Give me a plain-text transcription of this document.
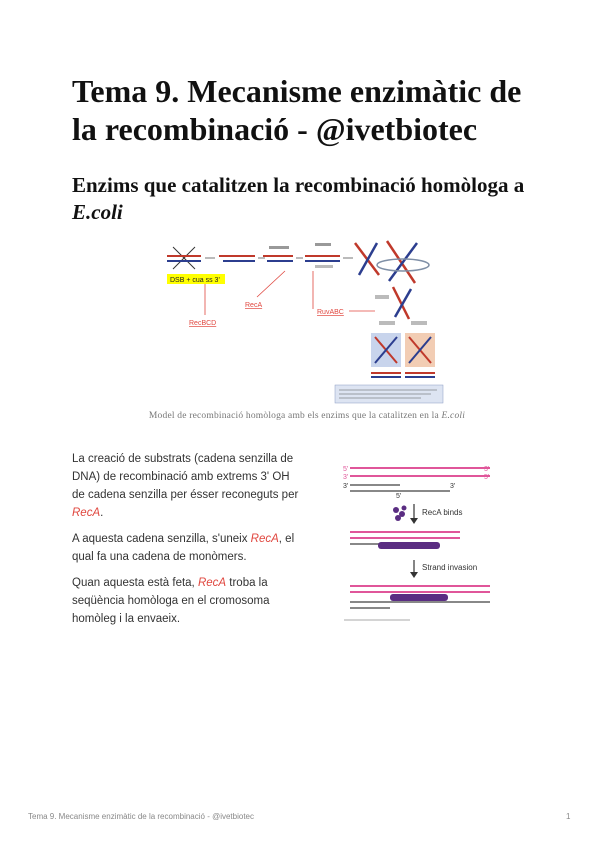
Tema 9. Mecanisme enzimàtic de la recombinació - @ivetbiotec
Enzims que catalitzen la recombinació homòloga a E.coli
DSB + cua ss 3'
RecBCD
RecA
RuvABC
Model de recombinació homòloga amb els enzims que la catalitzen en la E.coli

La creació de substrats (cadena senzilla de DNA) de recombinació amb extrems 3' OH de cadena senzilla per ésser reconeguts per RecA.

A aquesta cadena senzilla, s'uneix RecA, el qual fa una cadena de monòmers.

Quan aquesta està feta, RecA troba la seqüència homòloga en el cromosoma homòleg i la envaeix.

5'	3'
3'	5'
3'	3'
5'
RecA binds
Strand invasion
Tema 9. Mecanisme enzimàtic de la recombinació - @ivetbiotec	1
